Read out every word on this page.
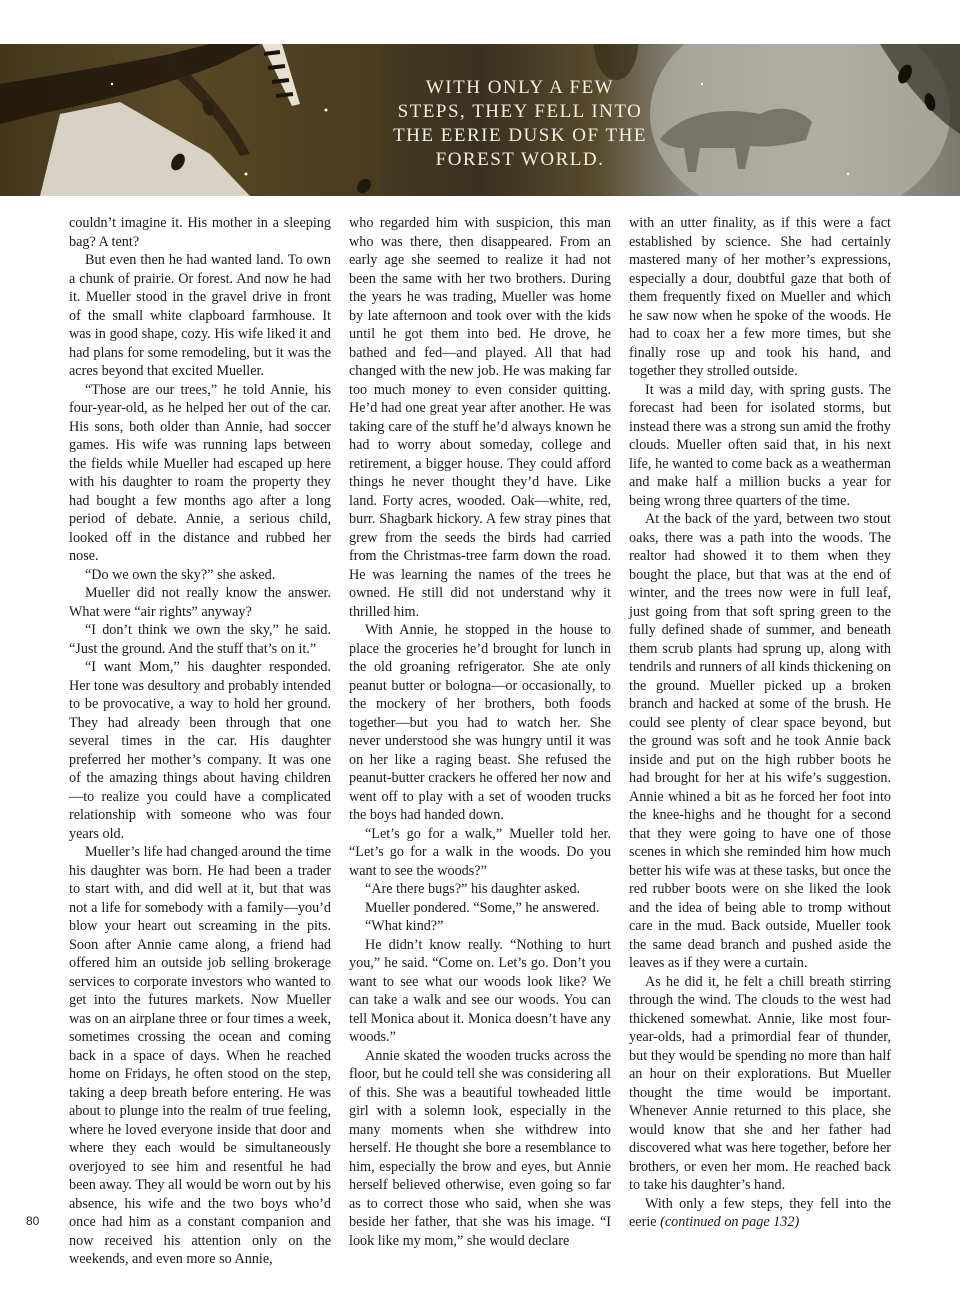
WITH ONLY A FEW STEPS, THEY FELL INTO THE EERIE DUSK OF THE FOREST WORLD.

couldn’t imagine it. His mother in a sleeping bag? A tent?

But even then he had wanted land. To own a chunk of prairie. Or forest. And now he had it. Mueller stood in the gravel drive in front of the small white clapboard farmhouse. It was in good shape, cozy. His wife liked it and had plans for some remodeling, but it was the acres beyond that excited Mueller.

“Those are our trees,” he told Annie, his four-year-old, as he helped her out of the car. His sons, both older than Annie, had soccer games. His wife was running laps between the fields while Mueller had escaped up here with his daughter to roam the property they had bought a few months ago after a long period of debate. Annie, a serious child, looked off in the distance and rubbed her nose.

“Do we own the sky?” she asked.

Mueller did not really know the answer. What were “air rights” anyway?

“I don’t think we own the sky,” he said. “Just the ground. And the stuff that’s on it.”

“I want Mom,” his daughter responded. Her tone was desultory and probably intended to be provocative, a way to hold her ground. They had already been through that one several times in the car. His daughter preferred her mother’s company. It was one of the amazing things about having children—to realize you could have a complicated relationship with someone who was four years old.

Mueller’s life had changed around the time his daughter was born. He had been a trader to start with, and did well at it, but that was not a life for somebody with a family—you’d blow your heart out screaming in the pits. Soon after Annie came along, a friend had offered him an outside job selling brokerage services to corporate investors who wanted to get into the futures markets. Now Mueller was on an airplane three or four times a week, sometimes crossing the ocean and coming back in a space of days. When he reached home on Fridays, he often stood on the step, taking a deep breath before entering. He was about to plunge into the realm of true feeling, where he loved everyone inside that door and where they each would be simultaneously overjoyed to see him and resentful he had been away. They all would be worn out by his absence, his wife and the two boys who’d once had him as a constant companion and now received his attention only on the weekends, and even more so Annie,

who regarded him with suspicion, this man who was there, then disappeared. From an early age she seemed to realize it had not been the same with her two brothers. During the years he was trading, Mueller was home by late afternoon and took over with the kids until he got them into bed. He drove, he bathed and fed—and played. All that had changed with the new job. He was making far too much money to even consider quitting. He’d had one great year after another. He was taking care of the stuff he’d always known he had to worry about someday, college and retirement, a bigger house. They could afford things he never thought they’d have. Like land. Forty acres, wooded. Oak—white, red, burr. Shagbark hickory. A few stray pines that grew from the seeds the birds had carried from the Christmas-tree farm down the road. He was learning the names of the trees he owned. He still did not understand why it thrilled him.

With Annie, he stopped in the house to place the groceries he’d brought for lunch in the old groaning refrigerator. She ate only peanut butter or bologna—or occasionally, to the mockery of her brothers, both foods together—but you had to watch her. She never understood she was hungry until it was on her like a raging beast. She refused the peanut-butter crackers he offered her now and went off to play with a set of wooden trucks the boys had handed down.

“Let’s go for a walk,” Mueller told her. “Let’s go for a walk in the woods. Do you want to see the woods?”

“Are there bugs?” his daughter asked.

Mueller pondered. “Some,” he answered.

“What kind?”

He didn’t know really. “Nothing to hurt you,” he said. “Come on. Let’s go. Don’t you want to see what our woods look like? We can take a walk and see our woods. You can tell Monica about it. Monica doesn’t have any woods.”

Annie skated the wooden trucks across the floor, but he could tell she was considering all of this. She was a beautiful towheaded little girl with a solemn look, especially in the many moments when she withdrew into herself. He thought she bore a resemblance to him, especially the brow and eyes, but Annie herself believed otherwise, even going so far as to correct those who said, when she was beside her father, that she was his image. “I look like my mom,” she would declare

with an utter finality, as if this were a fact established by science. She had certainly mastered many of her mother’s expressions, especially a dour, doubtful gaze that both of them frequently fixed on Mueller and which he saw now when he spoke of the woods. He had to coax her a few more times, but she finally rose up and took his hand, and together they strolled outside.

It was a mild day, with spring gusts. The forecast had been for isolated storms, but instead there was a strong sun amid the frothy clouds. Mueller often said that, in his next life, he wanted to come back as a weatherman and make half a million bucks a year for being wrong three quarters of the time.

At the back of the yard, between two stout oaks, there was a path into the woods. The realtor had showed it to them when they bought the place, but that was at the end of winter, and the trees now were in full leaf, just going from that soft spring green to the fully defined shade of summer, and beneath them scrub plants had sprung up, along with tendrils and runners of all kinds thickening on the ground. Mueller picked up a broken branch and hacked at some of the brush. He could see plenty of clear space beyond, but the ground was soft and he took Annie back inside and put on the high rubber boots he had brought for her at his wife’s suggestion. Annie whined a bit as he forced her foot into the knee-highs and he thought for a second that they were going to have one of those scenes in which she reminded him how much better his wife was at these tasks, but once the red rubber boots were on she liked the look and the idea of being able to tromp without care in the mud. Back outside, Mueller took the same dead branch and pushed aside the leaves as if they were a curtain.

As he did it, he felt a chill breath stirring through the wind. The clouds to the west had thickened somewhat. Annie, like most four-year-olds, had a primordial fear of thunder, but they would be spending no more than half an hour on their explorations. But Mueller thought the time would be important. Whenever Annie returned to this place, she would know that she and her father had discovered what was here together, before her brothers, or even her mom. He reached back to take his daughter’s hand.

With only a few steps, they fell into the eerie (continued on page 132)

80
